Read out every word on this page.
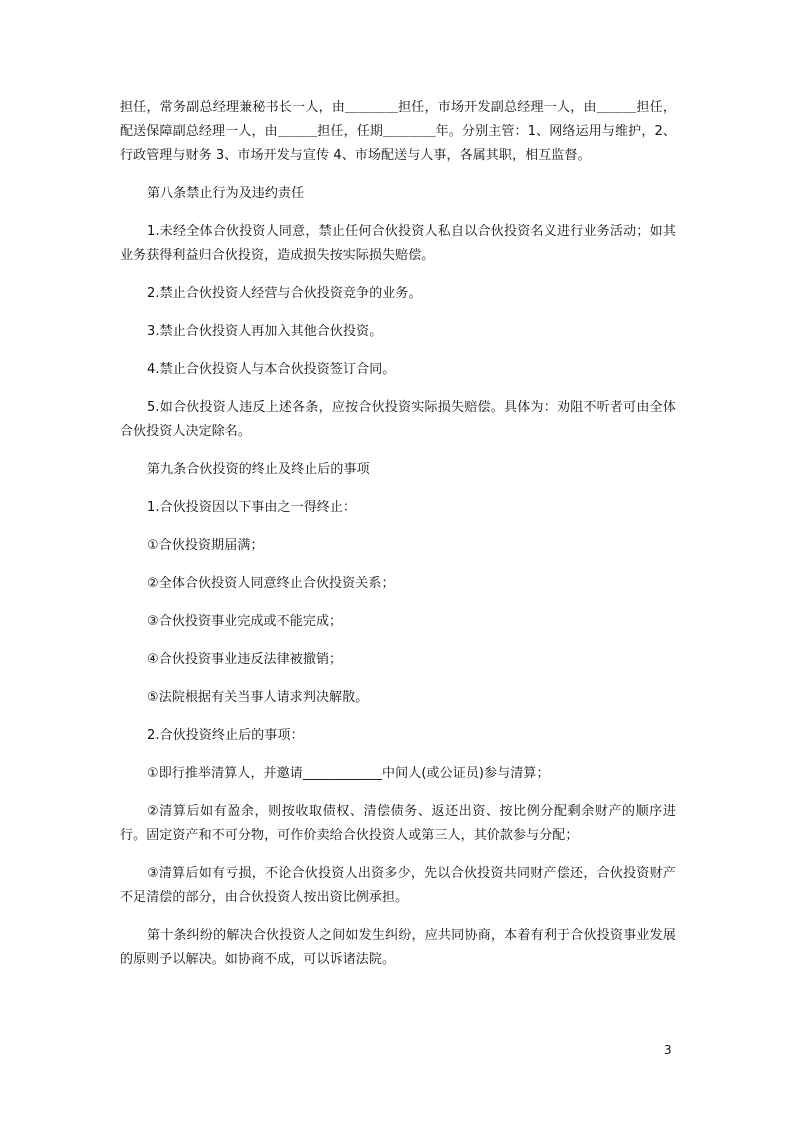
担任，常务副总经理兼秘书长一人，由＿＿＿＿担任，市场开发副总经理一人，由＿＿＿担任，配送保障副总经理一人，由＿＿＿担任，任期＿＿＿＿年。分别主管：1、网络运用与维护，2、行政管理与财务 3、市场开发与宣传 4、市场配送与人事，各属其职，相互监督。

第八条禁止行为及违约责任

1.未经全体合伙投资人同意，禁止任何合伙投资人私自以合伙投资名义进行业务活动；如其业务获得利益归合伙投资，造成损失按实际损失赔偿。

2.禁止合伙投资人经营与合伙投资竞争的业务。

3.禁止合伙投资人再加入其他合伙投资。

4.禁止合伙投资人与本合伙投资签订合同。

5.如合伙投资人违反上述各条，应按合伙投资实际损失赔偿。具体为：劝阻不听者可由全体合伙投资人决定除名。

第九条合伙投资的终止及终止后的事项

1.合伙投资因以下事由之一得终止：

①合伙投资期届满；

②全体合伙投资人同意终止合伙投资关系；

③合伙投资事业完成或不能完成；

④合伙投资事业违反法律被撤销；

⑤法院根据有关当事人请求判决解散。

2.合伙投资终止后的事项：

①即行推举清算人，并邀请____________中间人(或公证员)参与清算；

②清算后如有盈余，则按收取债权、清偿债务、返还出资、按比例分配剩余财产的顺序进行。固定资产和不可分物，可作价卖给合伙投资人或第三人，其价款参与分配；

③清算后如有亏损，不论合伙投资人出资多少，先以合伙投资共同财产偿还，合伙投资财产不足清偿的部分，由合伙投资人按出资比例承担。

第十条纠纷的解决合伙投资人之间如发生纠纷，应共同协商，本着有利于合伙投资事业发展的原则予以解决。如协商不成，可以诉诸法院。

3
